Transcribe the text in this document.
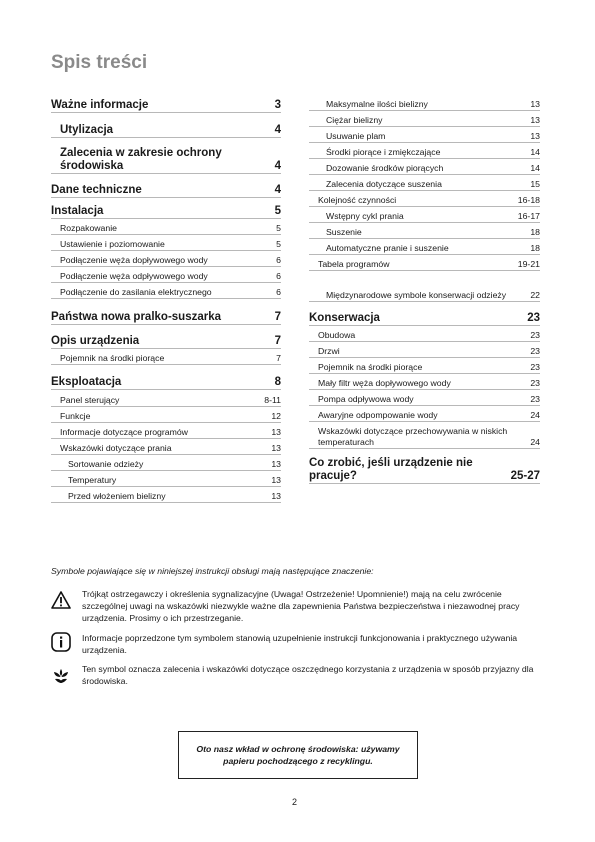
Spis treści
Ważne informacje	3
Utylizacja	4
Zalecenia w zakresie ochrony środowiska	4
Dane techniczne	4
Instalacja	5
Rozpakowanie	5
Ustawienie i poziomowanie	5
Podłączenie węża dopływowego wody	6
Podłączenie węża odpływowego wody	6
Podłączenie do zasilania elektrycznego	6
Państwa nowa pralko-suszarka	7
Opis urządzenia	7
Pojemnik na środki piorące	7
Eksploatacja	8
Panel sterujący	8-11
Funkcje	12
Informacje dotyczące programów	13
Wskazówki dotyczące prania	13
Sortowanie odzieży	13
Temperatury	13
Przed włożeniem bielizny	13
Maksymalne ilości bielizny	13
Ciężar bielizny	13
Usuwanie plam	13
Środki piorące i zmiękczające	14
Dozowanie środków piorących	14
Zalecenia dotyczące suszenia	15
Kolejność czynności	16-18
Wstępny cykl prania	16-17
Suszenie	18
Automatyczne pranie i suszenie	18
Tabela programów	19-21
Międzynarodowe symbole konserwacji odzieży	22
Konserwacja	23
Obudowa	23
Drzwi	23
Pojemnik na środki piorące	23
Mały filtr węża dopływowego wody	23
Pompa odpływowa wody	23
Awaryjne odpompowanie wody	24
Wskazówki dotyczące przechowywania w niskich temperaturach	24
Co zrobić, jeśli urządzenie nie pracuje?	25-27
Symbole pojawiające się w niniejszej instrukcji obsługi mają następujące znaczenie:
Trójkąt ostrzegawczy i określenia sygnalizacyjne (Uwaga! Ostrzeżenie! Upomnienie!) mają na celu zwrócenie szczególnej uwagi na wskazówki niezwykle ważne dla zapewnienia Państwa bezpieczeństwa i niezawodnej pracy urządzenia. Prosimy o ich przestrzeganie.
Informacje poprzedzone tym symbolem stanowią uzupełnienie instrukcji funkcjonowania i praktycznego używania urządzenia.
Ten symbol oznacza zalecenia i wskazówki dotyczące oszczędnego korzystania z urządzenia w sposób przyjazny dla środowiska.
Oto nasz wkład w ochronę środowiska: używamy papieru pochodzącego z recyklingu.
2
